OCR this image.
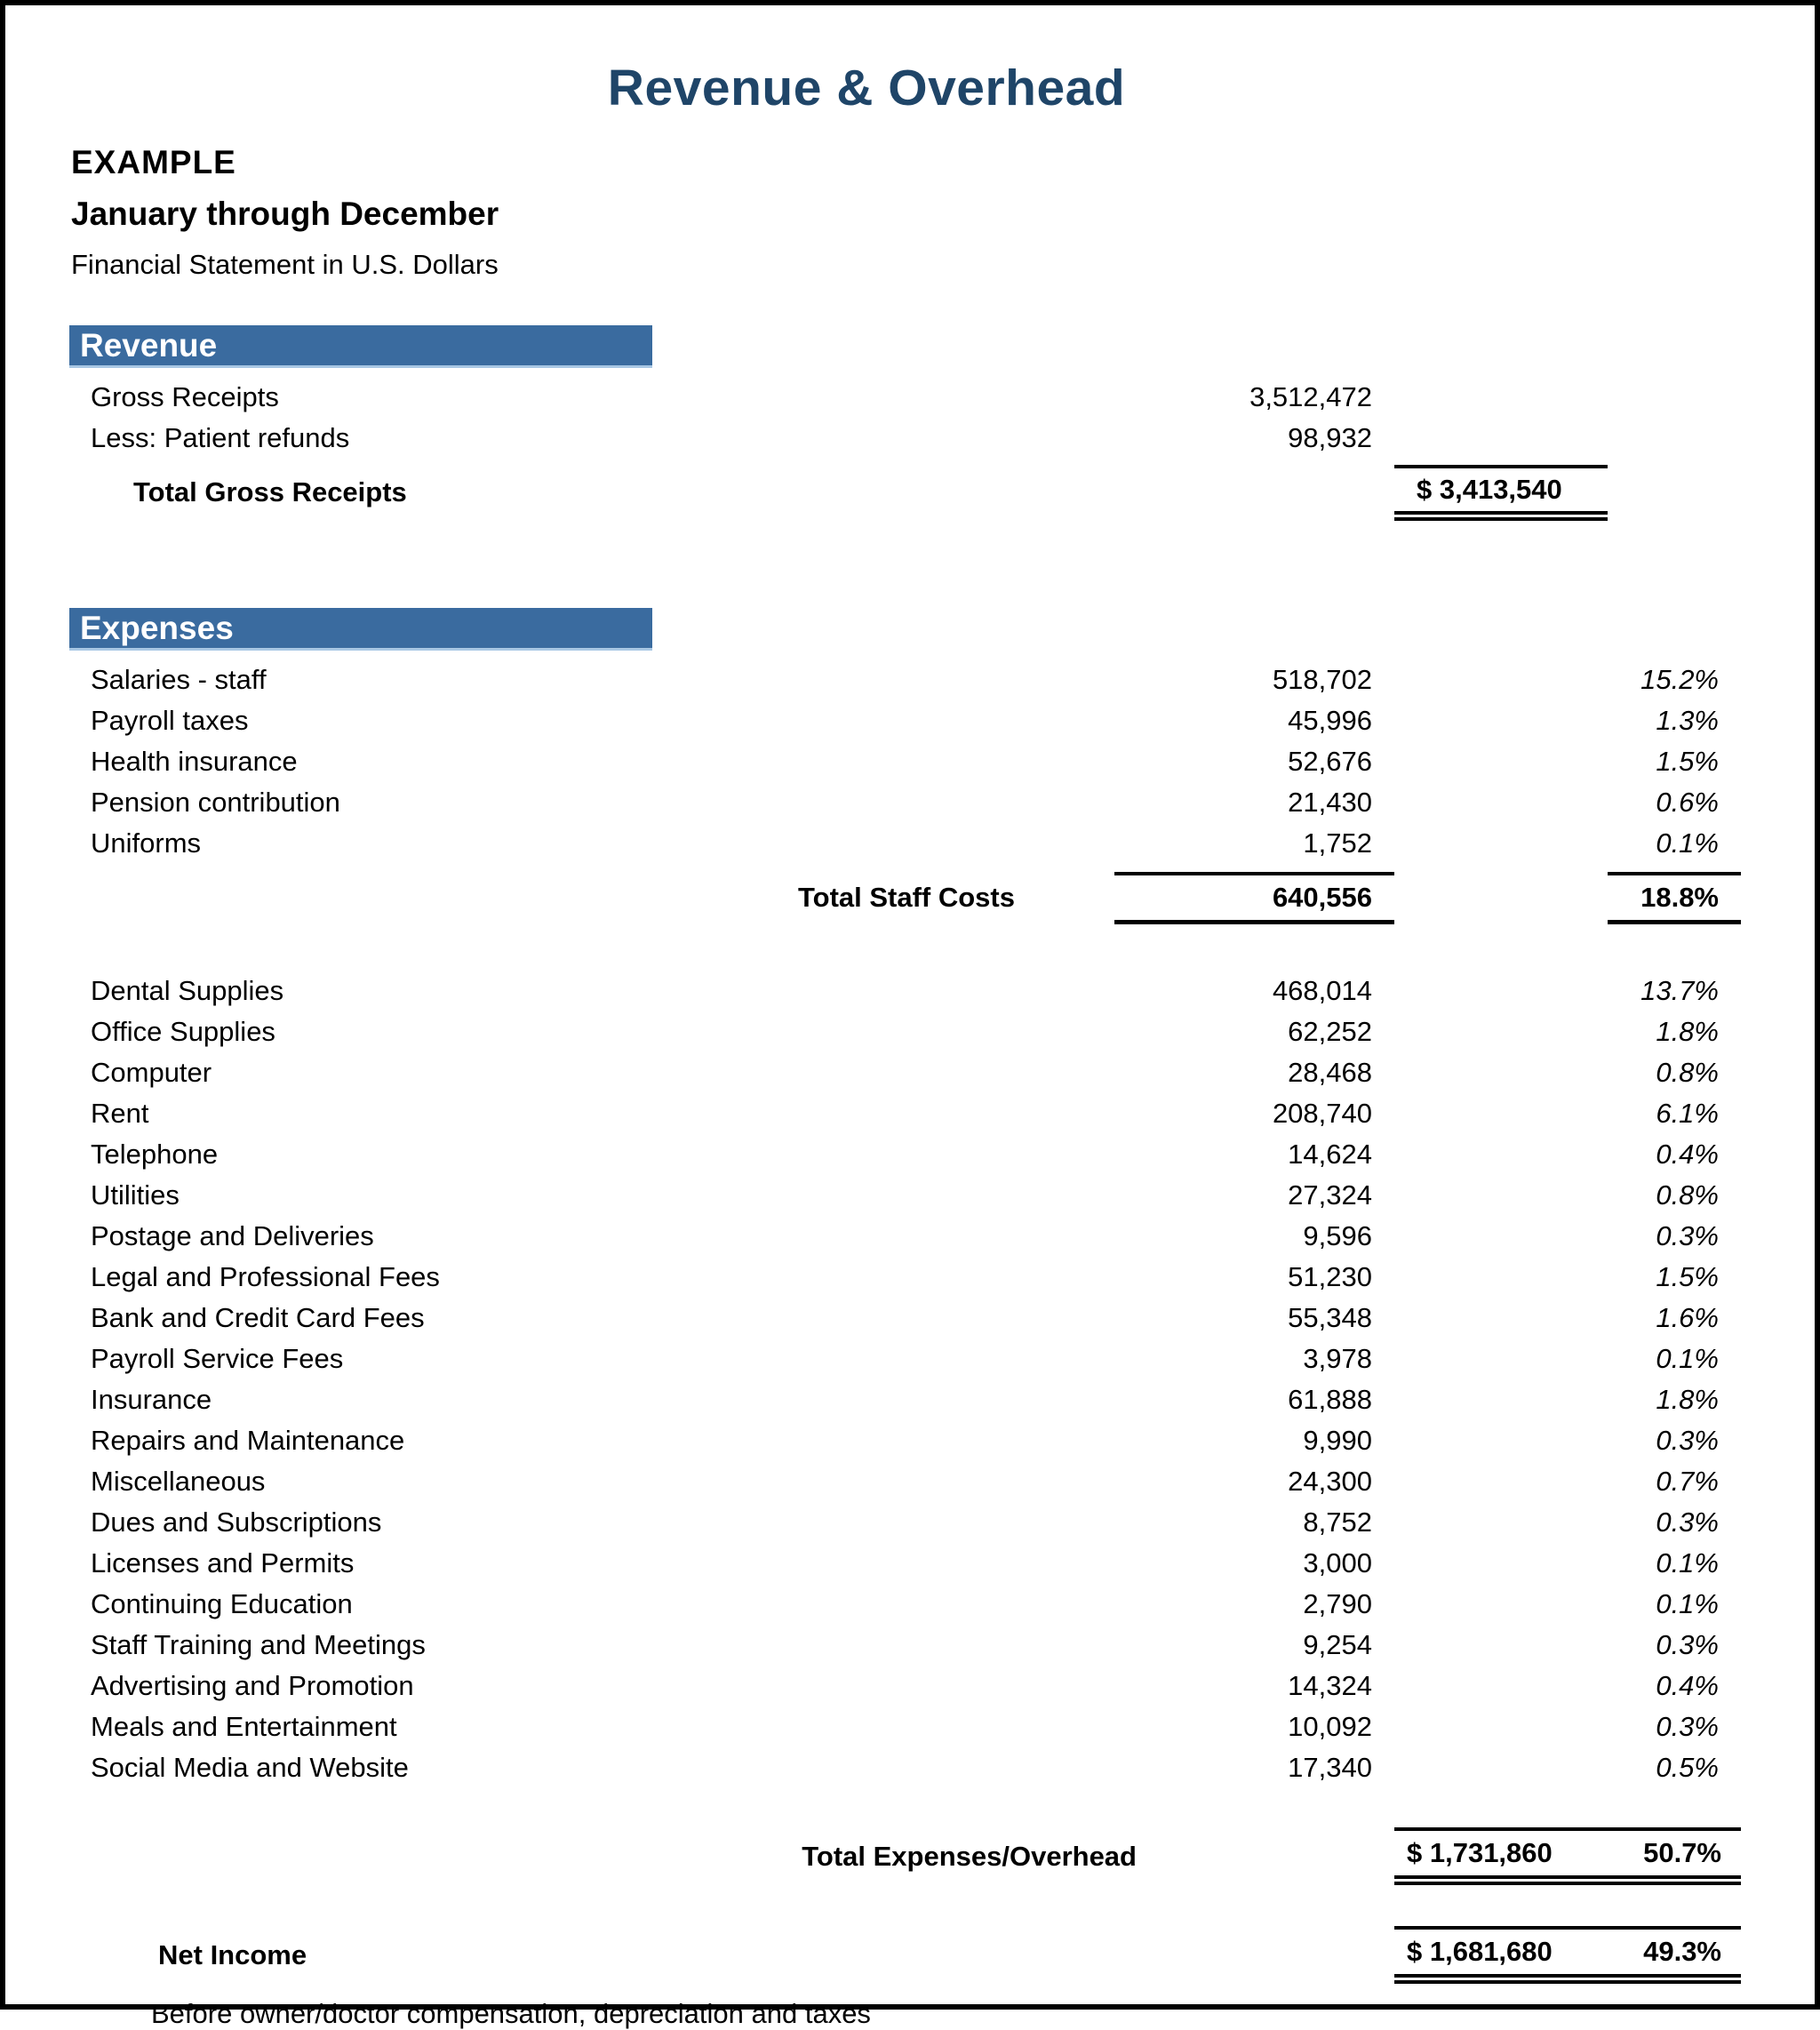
Revenue & Overhead
EXAMPLE
January through December
Financial Statement in U.S. Dollars
Revenue
Gross Receipts	3,512,472
Less: Patient refunds	98,932
Total Gross Receipts	$ 3,413,540
Expenses
Salaries - staff	518,702	15.2%
Payroll taxes	45,996	1.3%
Health insurance	52,676	1.5%
Pension contribution	21,430	0.6%
Uniforms	1,752	0.1%
Total Staff Costs	640,556	18.8%
Dental Supplies	468,014	13.7%
Office Supplies	62,252	1.8%
Computer	28,468	0.8%
Rent	208,740	6.1%
Telephone	14,624	0.4%
Utilities	27,324	0.8%
Postage and Deliveries	9,596	0.3%
Legal and Professional Fees	51,230	1.5%
Bank and Credit Card Fees	55,348	1.6%
Payroll Service Fees	3,978	0.1%
Insurance	61,888	1.8%
Repairs and Maintenance	9,990	0.3%
Miscellaneous	24,300	0.7%
Dues and Subscriptions	8,752	0.3%
Licenses and Permits	3,000	0.1%
Continuing Education	2,790	0.1%
Staff Training and Meetings	9,254	0.3%
Advertising and Promotion	14,324	0.4%
Meals and Entertainment	10,092	0.3%
Social Media and Website	17,340	0.5%
Total Expenses/Overhead	$ 1,731,860	50.7%
Net Income	$ 1,681,680	49.3%
Before owner/doctor compensation, depreciation and taxes
